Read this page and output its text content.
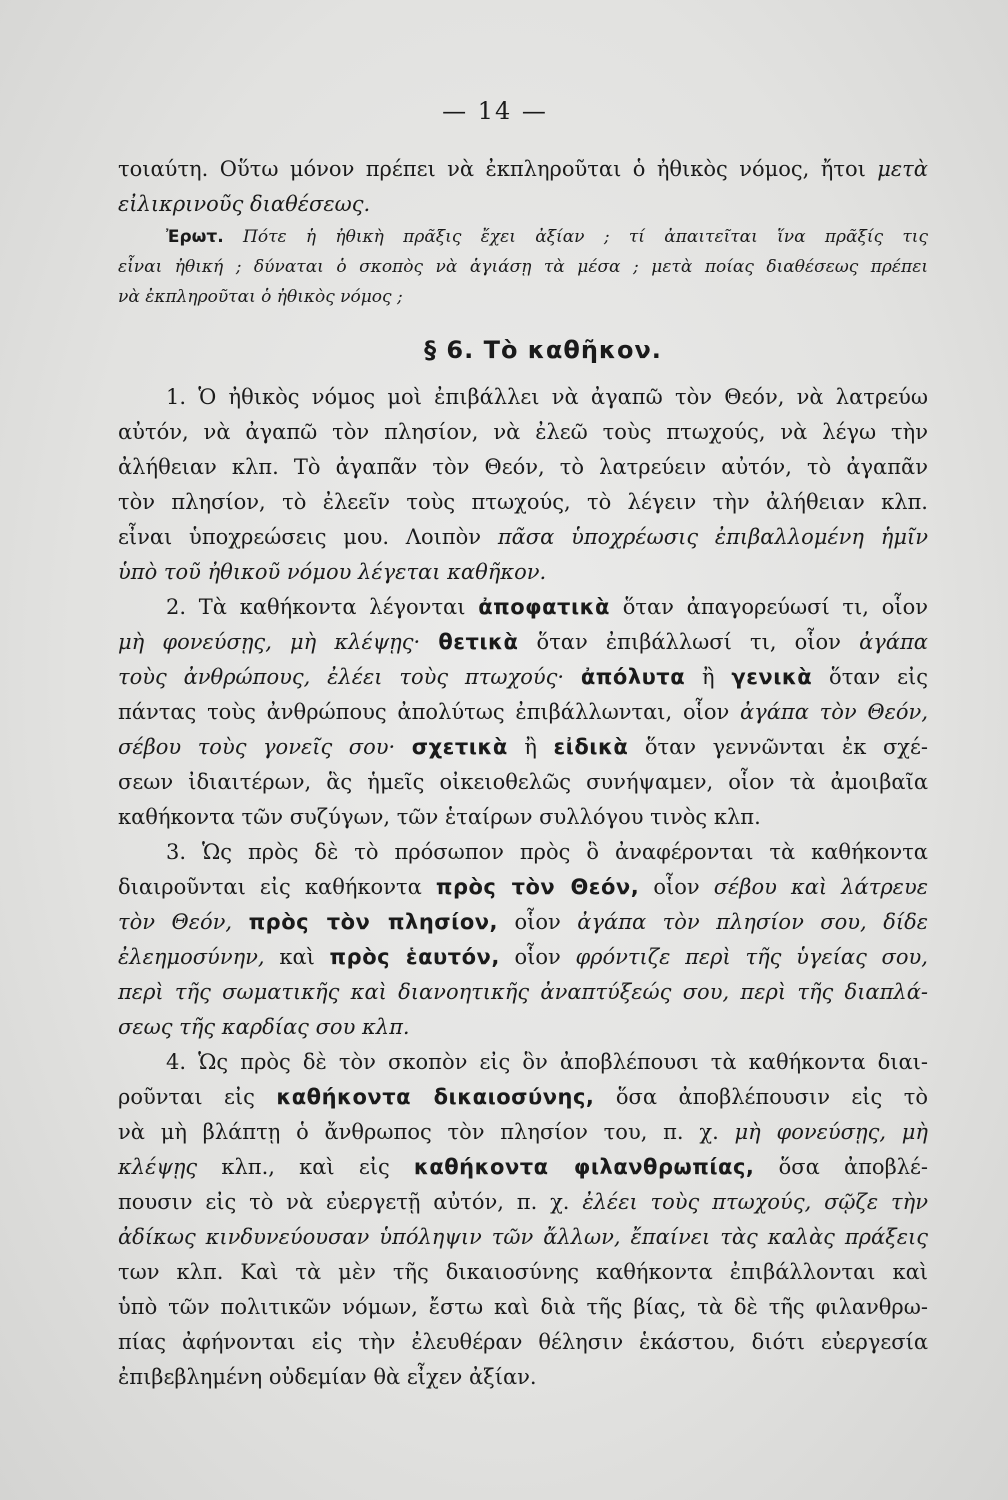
— 14 —
τοιαύτη. Οὕτω μόνον πρέπει νὰ ἐκπληροῦται ὁ ἠθικὸς νόμος, ἤτοι μετὰ
εἰλικρινοῦς διαθέσεως.
Ἐρωτ. Πότε ἡ ἠθικὴ πρᾶξις ἔχει ἀξίαν ; τί ἀπαιτεῖται ἵνα πρᾶξίς τις
εἶναι ἠθική ; δύναται ὁ σκοπὸς νὰ ἁγιάσῃ τὰ μέσα ; μετὰ ποίας διαθέσεως πρέπει
νὰ ἐκπληροῦται ὁ ἠθικὸς νόμος ;
§ 6. Τὸ καθῆκον.
1. Ὁ ἠθικὸς νόμος μοὶ ἐπιβάλλει νὰ ἀγαπῶ τὸν Θεόν, νὰ λατρεύω
αὐτόν, νὰ ἀγαπῶ τὸν πλησίον, νὰ ἐλεῶ τοὺς πτωχούς, νὰ λέγω τὴν
ἀλήθειαν κλπ. Τὸ ἀγαπᾶν τὸν Θεόν, τὸ λατρεύειν αὐτόν, τὸ ἀγαπᾶν
τὸν πλησίον, τὸ ἐλεεῖν τοὺς πτωχούς, τὸ λέγειν τὴν ἀλήθειαν κλπ.
εἶναι ὑποχρεώσεις μου. Λοιπὸν πᾶσα ὑποχρέωσις ἐπιβαλλομένη ἡμῖν
ὑπὸ τοῦ ἠθικοῦ νόμου λέγεται καθῆκον.
2. Τὰ καθήκοντα λέγονται ἀποφατικὰ ὅταν ἀπαγορεύωσί τι, οἷον
μὴ φονεύσῃς, μὴ κλέψῃς· θετικὰ ὅταν ἐπιβάλλωσί τι, οἷον ἀγάπα
τοὺς ἀνθρώπους, ἐλέει τοὺς πτωχούς· ἀπόλυτα ἢ γενικὰ ὅταν εἰς
πάντας τοὺς ἀνθρώπους ἀπολύτως ἐπιβάλλωνται, οἷον ἀγάπα τὸν Θεόν,
σέβου τοὺς γονεῖς σου· σχετικὰ ἢ εἰδικὰ ὅταν γεννῶνται ἐκ σχέ-
σεων ἰδιαιτέρων, ἃς ἡμεῖς οἰκειοθελῶς συνήψαμεν, οἷον τὰ ἀμοιβαῖα
καθήκοντα τῶν συζύγων, τῶν ἑταίρων συλλόγου τινὸς κλπ.
3. Ὡς πρὸς δὲ τὸ πρόσωπον πρὸς ὃ ἀναφέρονται τὰ καθήκοντα
διαιροῦνται εἰς καθήκοντα πρὸς τὸν Θεόν, οἷον σέβου καὶ λάτρευε
τὸν Θεόν, πρὸς τὸν πλησίον, οἷον ἀγάπα τὸν πλησίον σου, δίδε
ἐλεημοσύνην, καὶ πρὸς ἑαυτόν, οἷον φρόντιζε περὶ τῆς ὑγείας σου,
περὶ τῆς σωματικῆς καὶ διανοητικῆς ἀναπτύξεώς σου, περὶ τῆς διαπλά-
σεως τῆς καρδίας σου κλπ.
4. Ὡς πρὸς δὲ τὸν σκοπὸν εἰς ὃν ἀποβλέπουσι τὰ καθήκοντα διαι-
ροῦνται εἰς καθήκοντα δικαιοσύνης, ὅσα ἀποβλέπουσιν εἰς τὸ
νὰ μὴ βλάπτῃ ὁ ἄνθρωπος τὸν πλησίον του, π. χ. μὴ φονεύσῃς, μὴ
κλέψῃς κλπ., καὶ εἰς καθήκοντα φιλανθρωπίας, ὅσα ἀποβλέ-
πουσιν εἰς τὸ νὰ εὐεργετῇ αὐτόν, π. χ. ἐλέει τοὺς πτωχούς, σῷζε τὴν
ἀδίκως κινδυνεύουσαν ὑπόληψιν τῶν ἄλλων, ἔπαίνει τὰς καλὰς πράξεις
των κλπ. Καὶ τὰ μὲν τῆς δικαιοσύνης καθήκοντα ἐπιβάλλονται καὶ
ὑπὸ τῶν πολιτικῶν νόμων, ἔστω καὶ διὰ τῆς βίας, τὰ δὲ τῆς φιλανθρω-
πίας ἀφήνονται εἰς τὴν ἐλευθέραν θέλησιν ἑκάστου, διότι εὐεργεσία
ἐπιβεβλημένη οὐδεμίαν θὰ εἶχεν ἀξίαν.
